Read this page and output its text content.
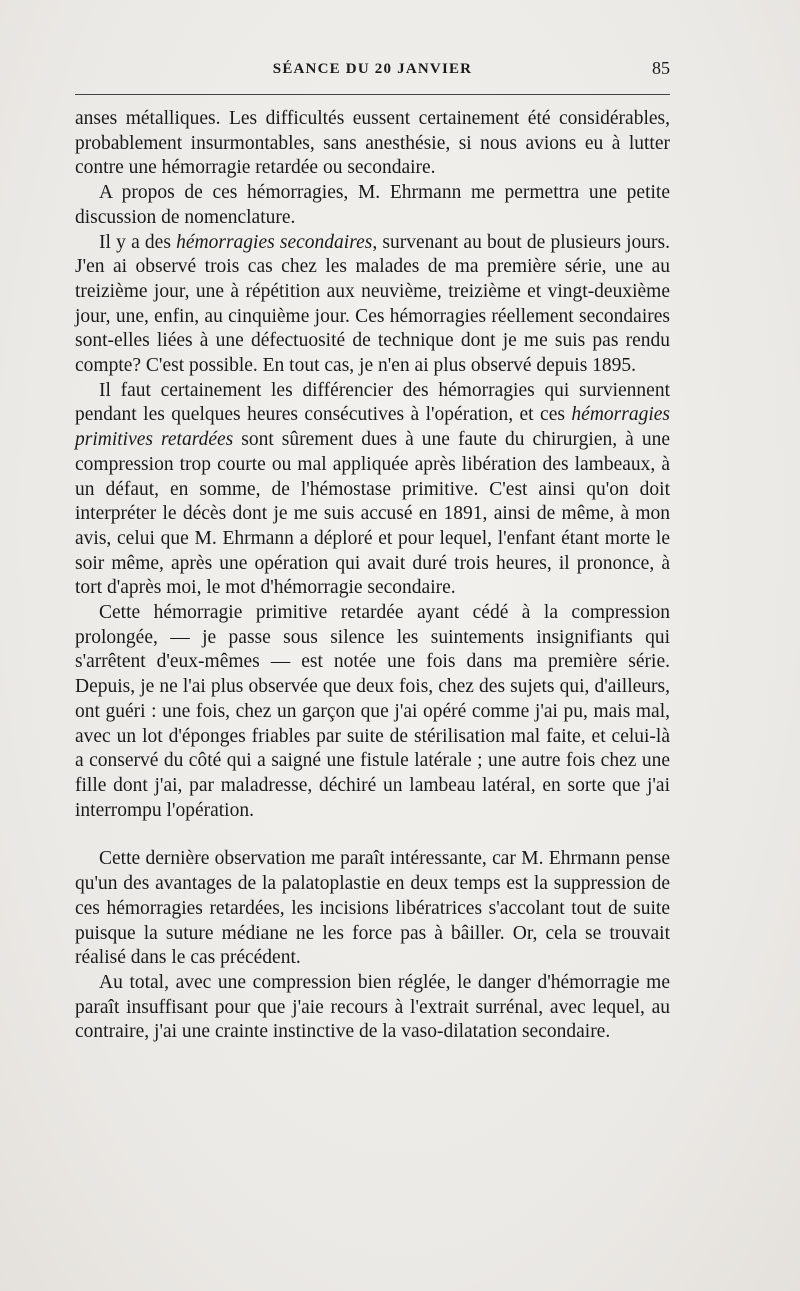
SÉANCE DU 20 JANVIER	85

anses métalliques. Les difficultés eussent certainement été considérables, probablement insurmontables, sans anesthésie, si nous avions eu à lutter contre une hémorragie retardée ou secondaire.

A propos de ces hémorragies, M. Ehrmann me permettra une petite discussion de nomenclature.

Il y a des hémorragies secondaires, survenant au bout de plusieurs jours. J'en ai observé trois cas chez les malades de ma première série, une au treizième jour, une à répétition aux neuvième, treizième et vingt-deuxième jour, une, enfin, au cinquième jour. Ces hémorragies réellement secondaires sont-elles liées à une défectuosité de technique dont je me suis pas rendu compte? C'est possible. En tout cas, je n'en ai plus observé depuis 1895.

Il faut certainement les différencier des hémorragies qui surviennent pendant les quelques heures consécutives à l'opération, et ces hémorragies primitives retardées sont sûrement dues à une faute du chirurgien, à une compression trop courte ou mal appliquée après libération des lambeaux, à un défaut, en somme, de l'hémostase primitive. C'est ainsi qu'on doit interpréter le décès dont je me suis accusé en 1891, ainsi de même, à mon avis, celui que M. Ehrmann a déploré et pour lequel, l'enfant étant morte le soir même, après une opération qui avait duré trois heures, il prononce, à tort d'après moi, le mot d'hémorragie secondaire.

Cette hémorragie primitive retardée ayant cédé à la compression prolongée, — je passe sous silence les suintements insignifiants qui s'arrêtent d'eux-mêmes — est notée une fois dans ma première série. Depuis, je ne l'ai plus observée que deux fois, chez des sujets qui, d'ailleurs, ont guéri : une fois, chez un garçon que j'ai opéré comme j'ai pu, mais mal, avec un lot d'éponges friables par suite de stérilisation mal faite, et celui-là a conservé du côté qui a saigné une fistule latérale ; une autre fois chez une fille dont j'ai, par maladresse, déchiré un lambeau latéral, en sorte que j'ai interrompu l'opération.

Cette dernière observation me paraît intéressante, car M. Ehrmann pense qu'un des avantages de la palatoplastie en deux temps est la suppression de ces hémorragies retardées, les incisions libératrices s'accolant tout de suite puisque la suture médiane ne les force pas à bâiller. Or, cela se trouvait réalisé dans le cas précédent.

Au total, avec une compression bien réglée, le danger d'hémorragie me paraît insuffisant pour que j'aie recours à l'extrait surrénal, avec lequel, au contraire, j'ai une crainte instinctive de la vaso-dilatation secondaire.
